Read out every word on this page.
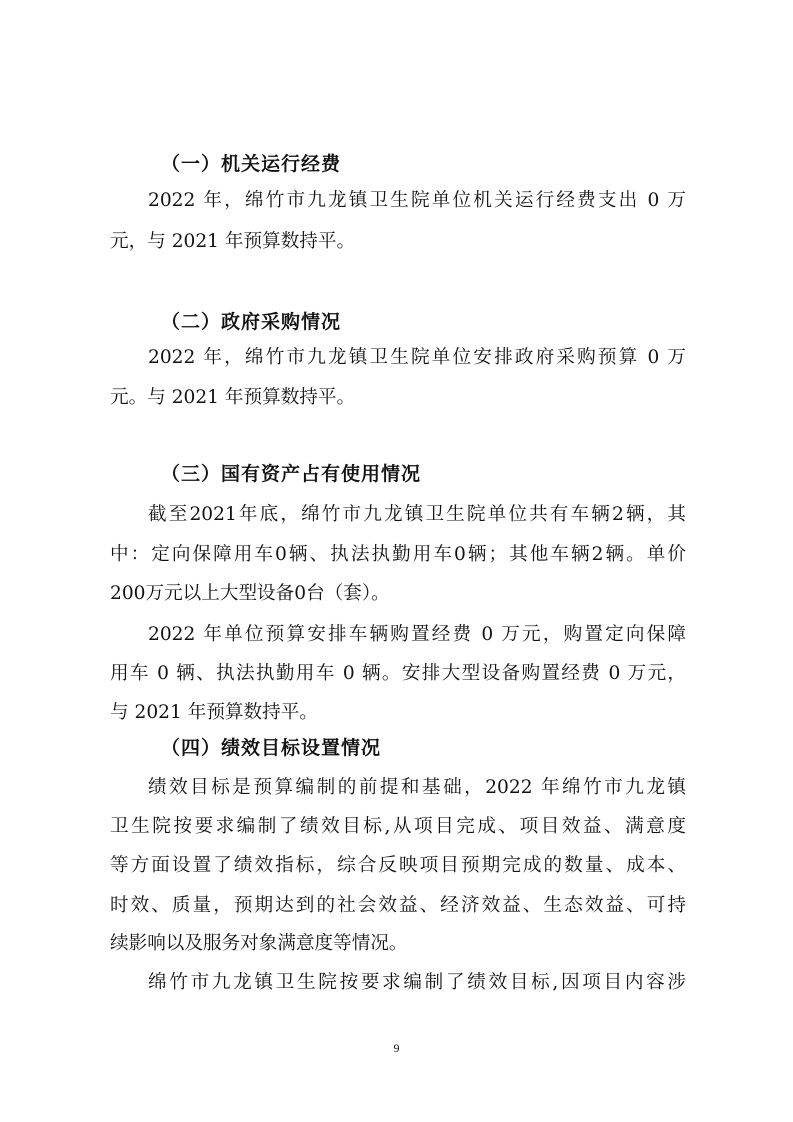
（一）机关运行经费
2022 年，绵竹市九龙镇卫生院单位机关运行经费支出 0 万
元，与 2021 年预算数持平。
（二）政府采购情况
2022 年，绵竹市九龙镇卫生院单位安排政府采购预算 0 万
元。与 2021 年预算数持平。
（三）国有资产占有使用情况
截至2021年底，绵竹市九龙镇卫生院单位共有车辆2辆，其
中：定向保障用车0辆、执法执勤用车0辆；其他车辆2辆。单价
200万元以上大型设备0台（套）。
2022 年单位预算安排车辆购置经费 0 万元，购置定向保障
用车 0 辆、执法执勤用车 0 辆。安排大型设备购置经费 0 万元，
与 2021 年预算数持平。
（四）绩效目标设置情况
绩效目标是预算编制的前提和基础，2022 年绵竹市九龙镇
卫生院按要求编制了绩效目标,从项目完成、项目效益、满意度
等方面设置了绩效指标，综合反映项目预期完成的数量、成本、
时效、质量，预期达到的社会效益、经济效益、生态效益、可持
续影响以及服务对象满意度等情况。
绵竹市九龙镇卫生院按要求编制了绩效目标,因项目内容涉
9
